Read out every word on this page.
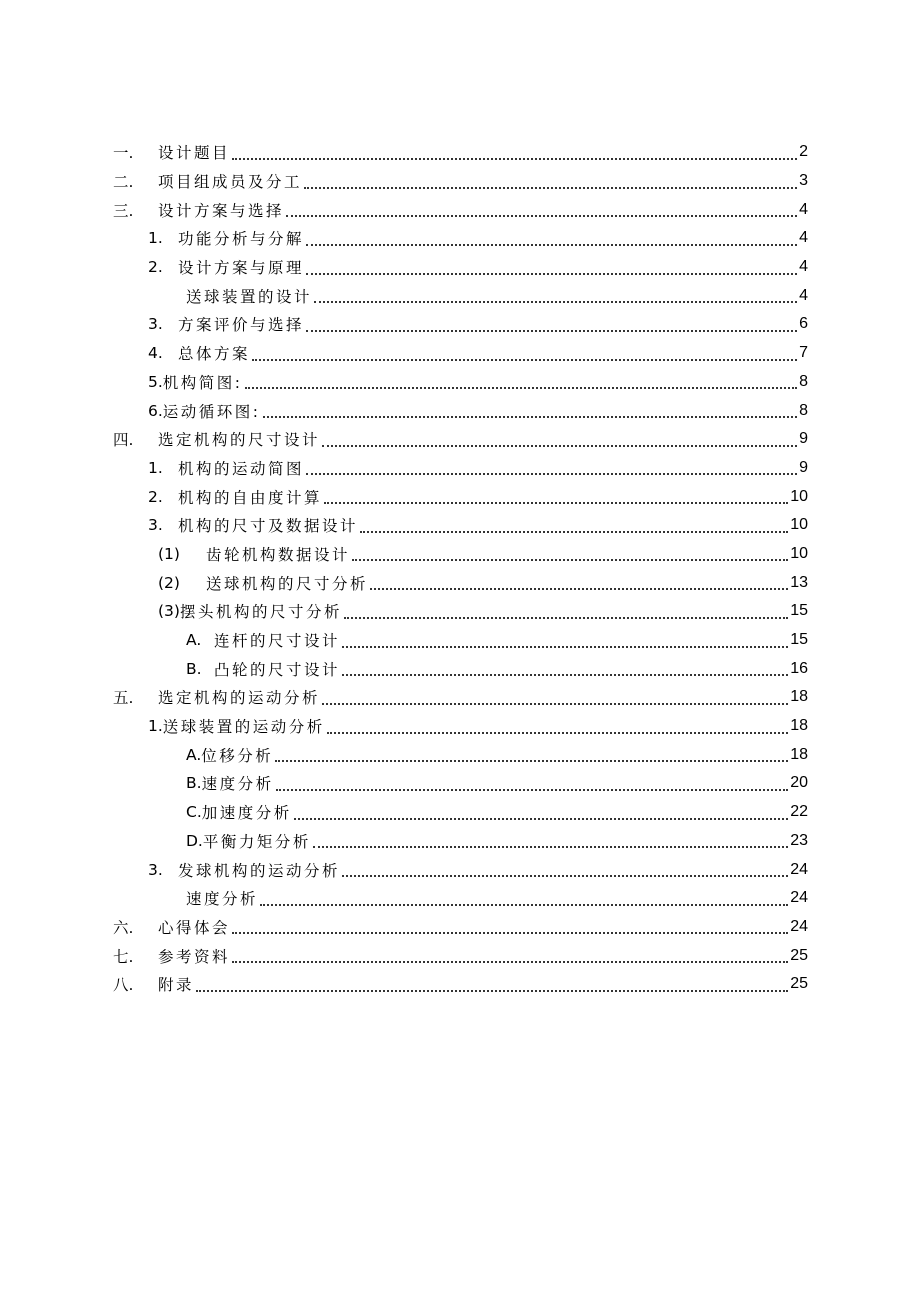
一.	设计题目	2
二.	项目组成员及分工	3
三.	设计方案与选择	4
1. 功能分析与分解	4
2. 设计方案与原理	4
送球装置的设计	4
3. 方案评价与选择	6
4. 总体方案	7
5. 机构简图:	8
6. 运动循环图:	8
四.	选定机构的尺寸设计	9
1. 机构的运动简图	9
2. 机构的自由度计算	10
3. 机构的尺寸及数据设计	10
(1)	齿轮机构数据设计	10
(2)	送球机构的尺寸分析	13
(3) 摆头机构的尺寸分析	15
A. 连杆的尺寸设计	15
B. 凸轮的尺寸设计	16
五.	选定机构的运动分析	18
1. 送球装置的运动分析	18
A. 位移分析	18
B. 速度分析	20
C. 加速度分析	22
D. 平衡力矩分析	23
3. 发球机构的运动分析	24
速度分析	24
六.	心得体会	24
七.	参考资料	25
八.	附录	25
